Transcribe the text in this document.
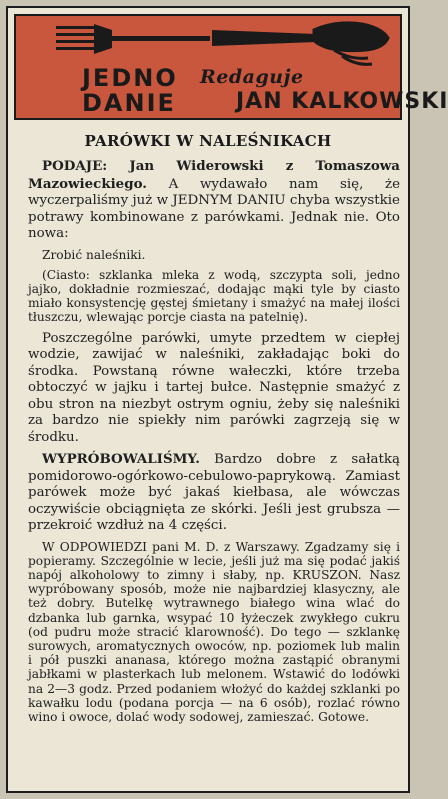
JEDNO
DANIE
Redaguje
JAN KALKOWSKI
PARÓWKI W NALEŚNIKACH

PODAJE: Jan Widerowski z Tomaszowa Mazowieckiego. A wydawało nam się, że wyczerpaliśmy już w JEDNYM DANIU chyba wszystkie potrawy kombinowane z parówkami. Jednak nie. Oto nowa:

Zrobić naleśniki.

(Ciasto: szklanka mleka z wodą, szczypta soli, jedno jajko, dokładnie rozmieszać, dodając mąki tyle by ciasto miało konsystencję gęstej śmietany i smażyć na małej ilości tłuszczu, wlewając porcje ciasta na patelnię).

Poszczególne parówki, umyte przedtem w ciepłej wodzie, zawijać w naleśniki, zakładając boki do środka. Powstaną równe wałeczki, które trzeba obtoczyć w jajku i tartej bułce. Następnie smażyć z obu stron na niezbyt ostrym ogniu, żeby się naleśniki za bardzo nie spiekły nim parówki zagrzeją się w środku.

WYPRÓBOWALIŚMY. Bardzo dobre z sałatką pomidorowo-ogórkowo-cebulowo-paprykową. Zamiast parówek może być jakaś kiełbasa, ale wówczas oczywiście obciągnięta ze skórki. Jeśli jest grubsza — przekroić wzdłuż na 4 części.

W ODPOWIEDZI pani M. D. z Warszawy. Zgadzamy się i popieramy. Szczególnie w lecie, jeśli już ma się podać jakiś napój alkoholowy to zimny i słaby, np. KRUSZON. Nasz wypróbowany sposób, może nie najbardziej klasyczny, ale też dobry. Butelkę wytrawnego białego wina wlać do dzbanka lub garnka, wsypać 10 łyżeczek zwykłego cukru (od pudru może stracić klarowność). Do tego — szklankę surowych, aromatycznych owoców, np. poziomek lub malin i pół puszki ananasa, którego można zastąpić obranymi jabłkami w plasterkach lub melonem. Wstawić do lodówki na 2—3 godz. Przed podaniem włożyć do każdej szklanki po kawałku lodu (podana porcja — na 6 osób), rozlać równo wino i owoce, dolać wody sodowej, zamieszać. Gotowe.
